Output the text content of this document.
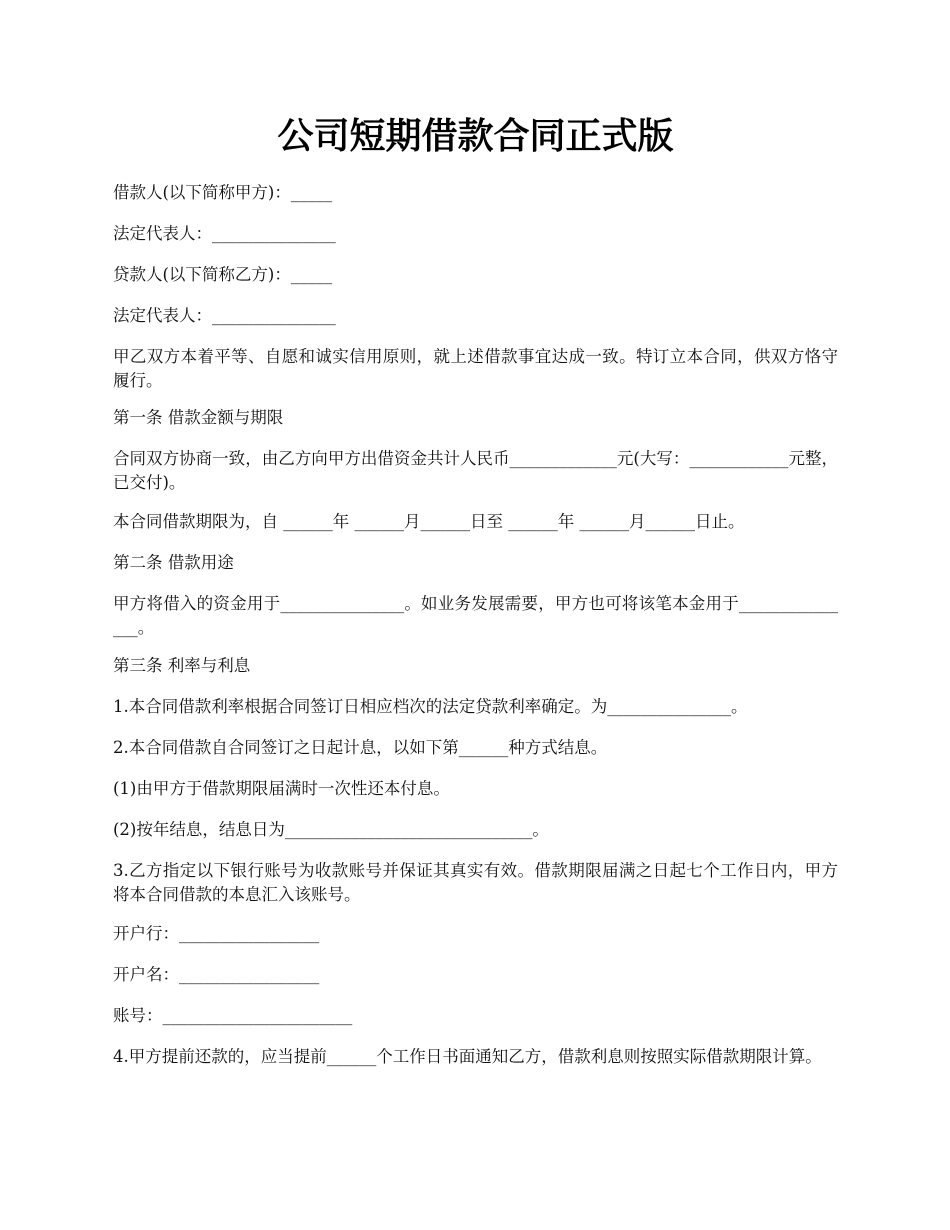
公司短期借款合同正式版

借款人(以下简称甲方)：_____

法定代表人：_______________

贷款人(以下简称乙方)：_____

法定代表人：_______________

甲乙双方本着平等、自愿和诚实信用原则，就上述借款事宜达成一致。特订立本合同，供双方恪守履行。

第一条 借款金额与期限

合同双方协商一致，由乙方向甲方出借资金共计人民币_____________元(大写：____________元整，已交付)。

本合同借款期限为，自 ______年 ______月______日至 ______年 ______月______日止。

第二条 借款用途

甲方将借入的资金用于_______________。如业务发展需要，甲方也可将该笔本金用于_______________。

第三条 利率与利息

1.本合同借款利率根据合同签订日相应档次的法定贷款利率确定。为_______________。

2.本合同借款自合同签订之日起计息，以如下第______种方式结息。

(1)由甲方于借款期限届满时一次性还本付息。

(2)按年结息，结息日为______________________________。

3.乙方指定以下银行账号为收款账号并保证其真实有效。借款期限届满之日起七个工作日内，甲方将本合同借款的本息汇入该账号。

开户行：_________________

开户名：_________________

账号：_______________________

4.甲方提前还款的，应当提前______个工作日书面通知乙方，借款利息则按照实际借款期限计算。
